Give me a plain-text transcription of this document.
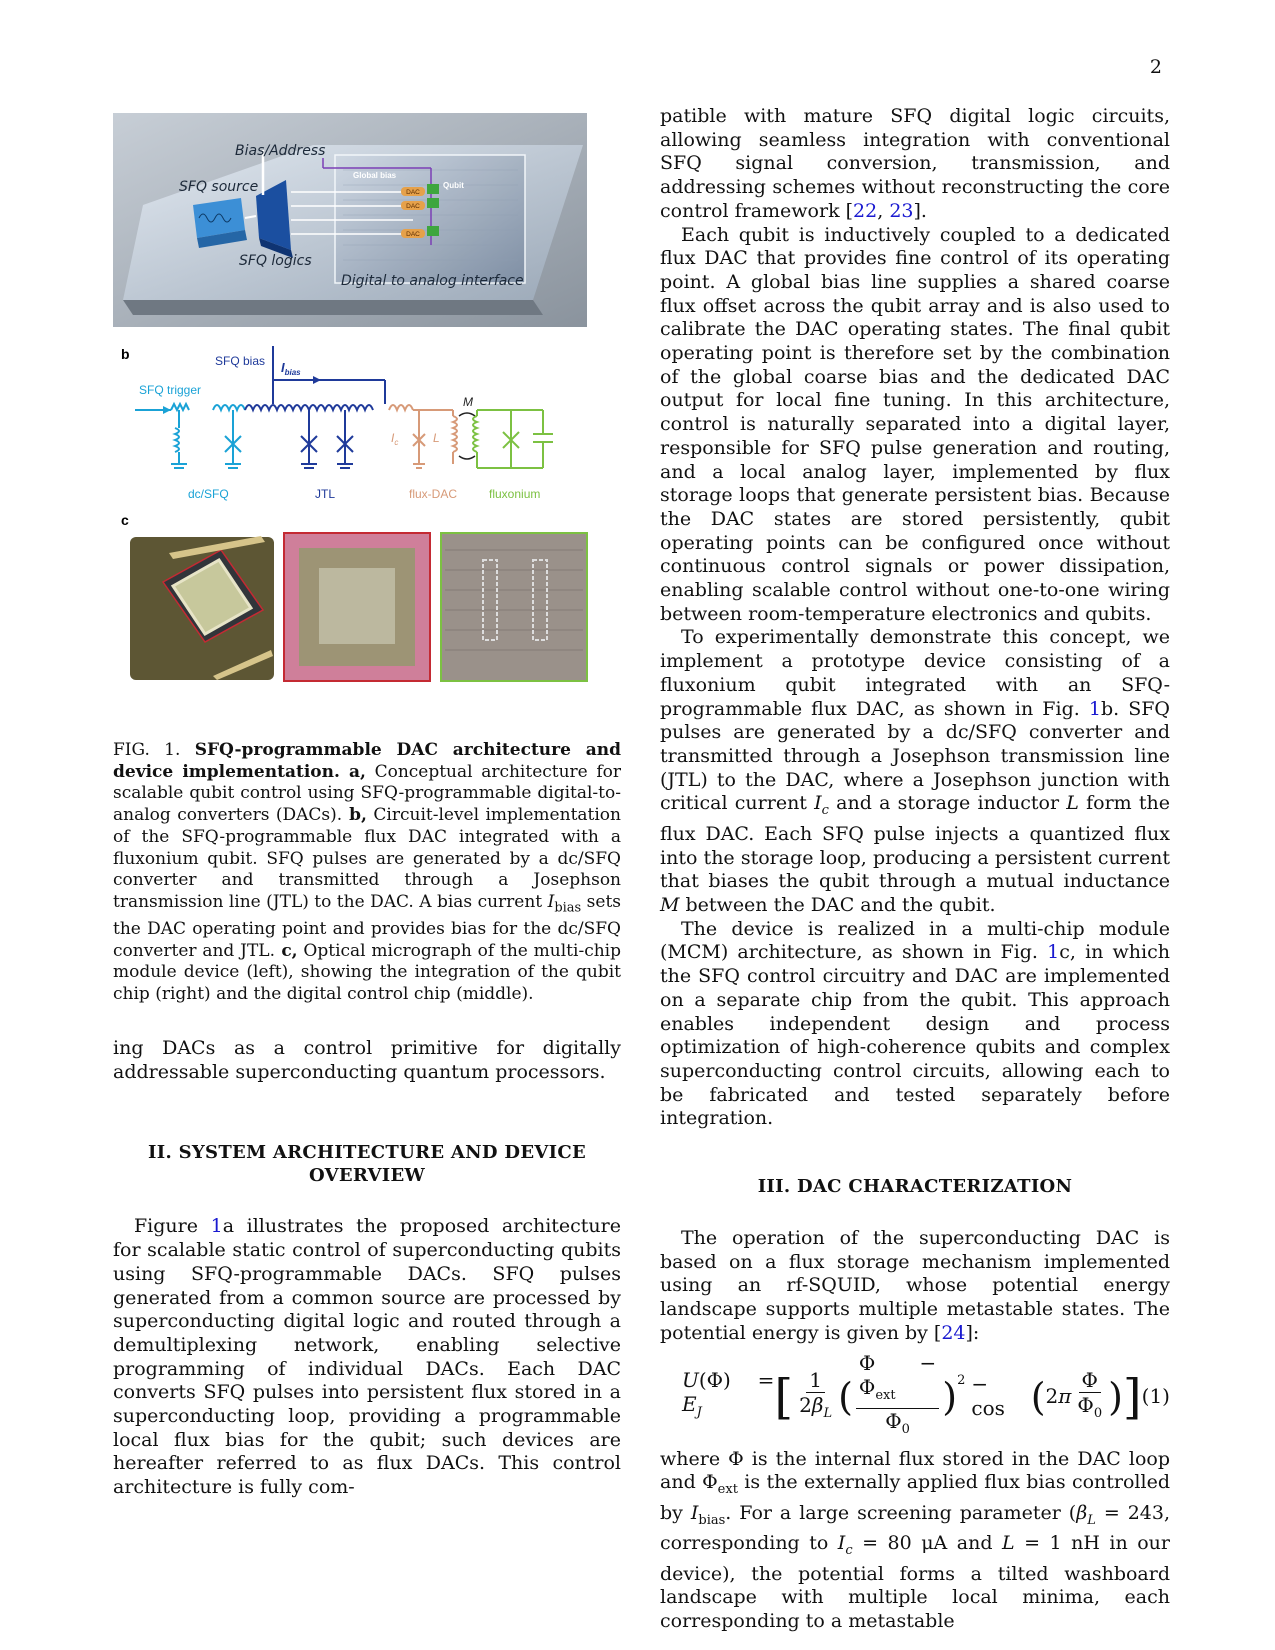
2
DAC
DAC
DAC
Bias/Address
SFQ source
SFQ logics
Digital to analog interface
Global bias
Qubit
b	SFQ bias $I_{bias}$
SFQ trigger
dc/SFQ	JTL	flux-DAC	fluxonium
M
$I_c$	L
c
FIG. 1. SFQ-programmable DAC architecture and device implementation. a, Conceptual architecture for scalable qubit control using SFQ-programmable digital-to-analog converters (DACs). b, Circuit-level implementation of the SFQ-programmable flux DAC integrated with a fluxonium qubit. SFQ pulses are generated by a dc/SFQ converter and transmitted through a Josephson transmission line (JTL) to the DAC. A bias current $I_{bias}$ sets the DAC operating point and provides bias for the dc/SFQ converter and JTL. c, Optical micrograph of the multi-chip module device (left), showing the integration of the qubit chip (right) and the digital control chip (middle).

ing DACs as a control primitive for digitally addressable superconducting quantum processors.

II. SYSTEM ARCHITECTURE AND DEVICE OVERVIEW

Figure 1a illustrates the proposed architecture for scalable static control of superconducting qubits using SFQ-programmable DACs. SFQ pulses generated from a common source are processed by superconducting digital logic and routed through a demultiplexing network, enabling selective programming of individual DACs. Each DAC converts SFQ pulses into persistent flux stored in a superconducting loop, providing a programmable local flux bias for the qubit; such devices are hereafter referred to as flux DACs. This control architecture is fully com-

patible with mature SFQ digital logic circuits, allowing seamless integration with conventional SFQ signal conversion, transmission, and addressing schemes without reconstructing the core control framework [22, 23].

Each qubit is inductively coupled to a dedicated flux DAC that provides fine control of its operating point. A global bias line supplies a shared coarse flux offset across the qubit array and is also used to calibrate the DAC operating states. The final qubit operating point is therefore set by the combination of the global coarse bias and the dedicated DAC output for local fine tuning. In this architecture, control is naturally separated into a digital layer, responsible for SFQ pulse generation and routing, and a local analog layer, implemented by flux storage loops that generate persistent bias. Because the DAC states are stored persistently, qubit operating points can be configured once without continuous control signals or power dissipation, enabling scalable control without one-to-one wiring between room-temperature electronics and qubits.

To experimentally demonstrate this concept, we implement a prototype device consisting of a fluxonium qubit integrated with an SFQ-programmable flux DAC, as shown in Fig. 1b. SFQ pulses are generated by a dc/SFQ converter and transmitted through a Josephson transmission line (JTL) to the DAC, where a Josephson junction with critical current $I_c$ and a storage inductor L form the flux DAC. Each SFQ pulse injects a quantized flux into the storage loop, producing a persistent current that biases the qubit through a mutual inductance M between the DAC and the qubit.

The device is realized in a multi-chip module (MCM) architecture, as shown in Fig. 1c, in which the SFQ control circuitry and DAC are implemented on a separate chip from the qubit. This approach enables independent design and process optimization of high-coherence qubits and complex superconducting control circuits, allowing each to be fabricated and tested separately before integration.

III. DAC CHARACTERIZATION

The operation of the superconducting DAC is based on a flux storage mechanism implemented using an rf-SQUID, whose potential energy landscape supports multiple metastable states. The potential energy is given by [24]:

$U(\Phi) = E_J$	[ $\frac{1}{2\beta_L}$ ( $\frac{\Phi - \Phi_{ext}}{\Phi_0} )^2 - \cos$ ( $2\pi \frac{\Phi}{\Phi_0}$ ) ] (1)

where Φ is the internal flux stored in the DAC loop and $\Phi_{ext}$ is the externally applied flux bias controlled by $I_{bias}$. For a large screening parameter ($\beta_L = 243$, corresponding to $I_c = 80$ μA and L = 1 nH in our device), the potential forms a tilted washboard landscape with multiple local minima, each corresponding to a metastable
